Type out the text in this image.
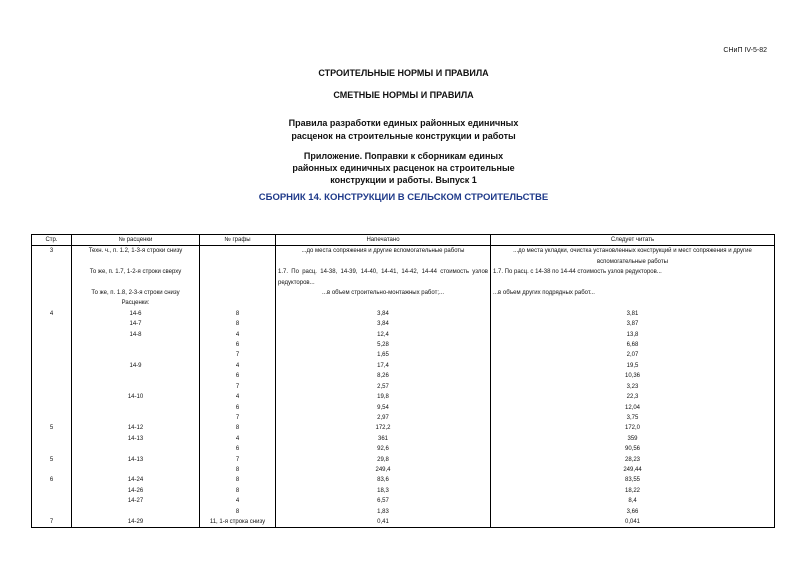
СНиП IV-5-82
СТРОИТЕЛЬНЫЕ НОРМЫ И ПРАВИЛА
СМЕТНЫЕ НОРМЫ И ПРАВИЛА
Правила разработки единых районных единичных
расценок на строительные конструкции и работы
Приложение. Поправки к сборникам единых
районных единичных расценок на строительные
конструкции и работы. Выпуск 1
СБОРНИК 14. КОНСТРУКЦИИ В СЕЛЬСКОМ СТРОИТЕЛЬСТВЕ
Стр.	№ расценки	№ графы	Напечатано	Следует читать
3	Техн. ч., п. 1.2, 1-3-я строки снизу		...до места сопряжения и другие вспомогательные работы	...до места укладки, очистка установленных конструкций и мест сопряжения и другие вспомогательные работы
	То же, п. 1.7, 1-2-я строки сверху		1.7. По расц. 14-38, 14-39, 14-40, 14-41, 14-42, 14-44 стоимость узлов редукторов...	1.7. По расц. с 14-38 по 14-44 стоимость узлов редукторов...
	То же, п. 1.8, 2-3-я строки снизу		...в объем строительно-монтажных работ;...	...в объем других подрядных работ...
	Расценки:			
4	14-6	8	3,84	3,81
	14-7	8	3,84	3,87
	14-8	4	12,4	13,8
		6	5,28	6,68
		7	1,65	2,07
	14-9	4	17,4	19,5
		6	8,26	10,36
		7	2,57	3,23
	14-10	4	19,8	22,3
		6	9,54	12,04
		7	2,97	3,75
5	14-12	8	172,2	172,0
	14-13	4	361	359
		6	92,6	90,56
5	14-13	7	29,8	28,23
		8	249,4	249,44
6	14-24	8	83,6	83,55
	14-26	8	18,3	18,22
	14-27	4	6,57	8,4
		8	1,83	3,66
7	14-29	11, 1-я строка снизу	0,41	0,041
